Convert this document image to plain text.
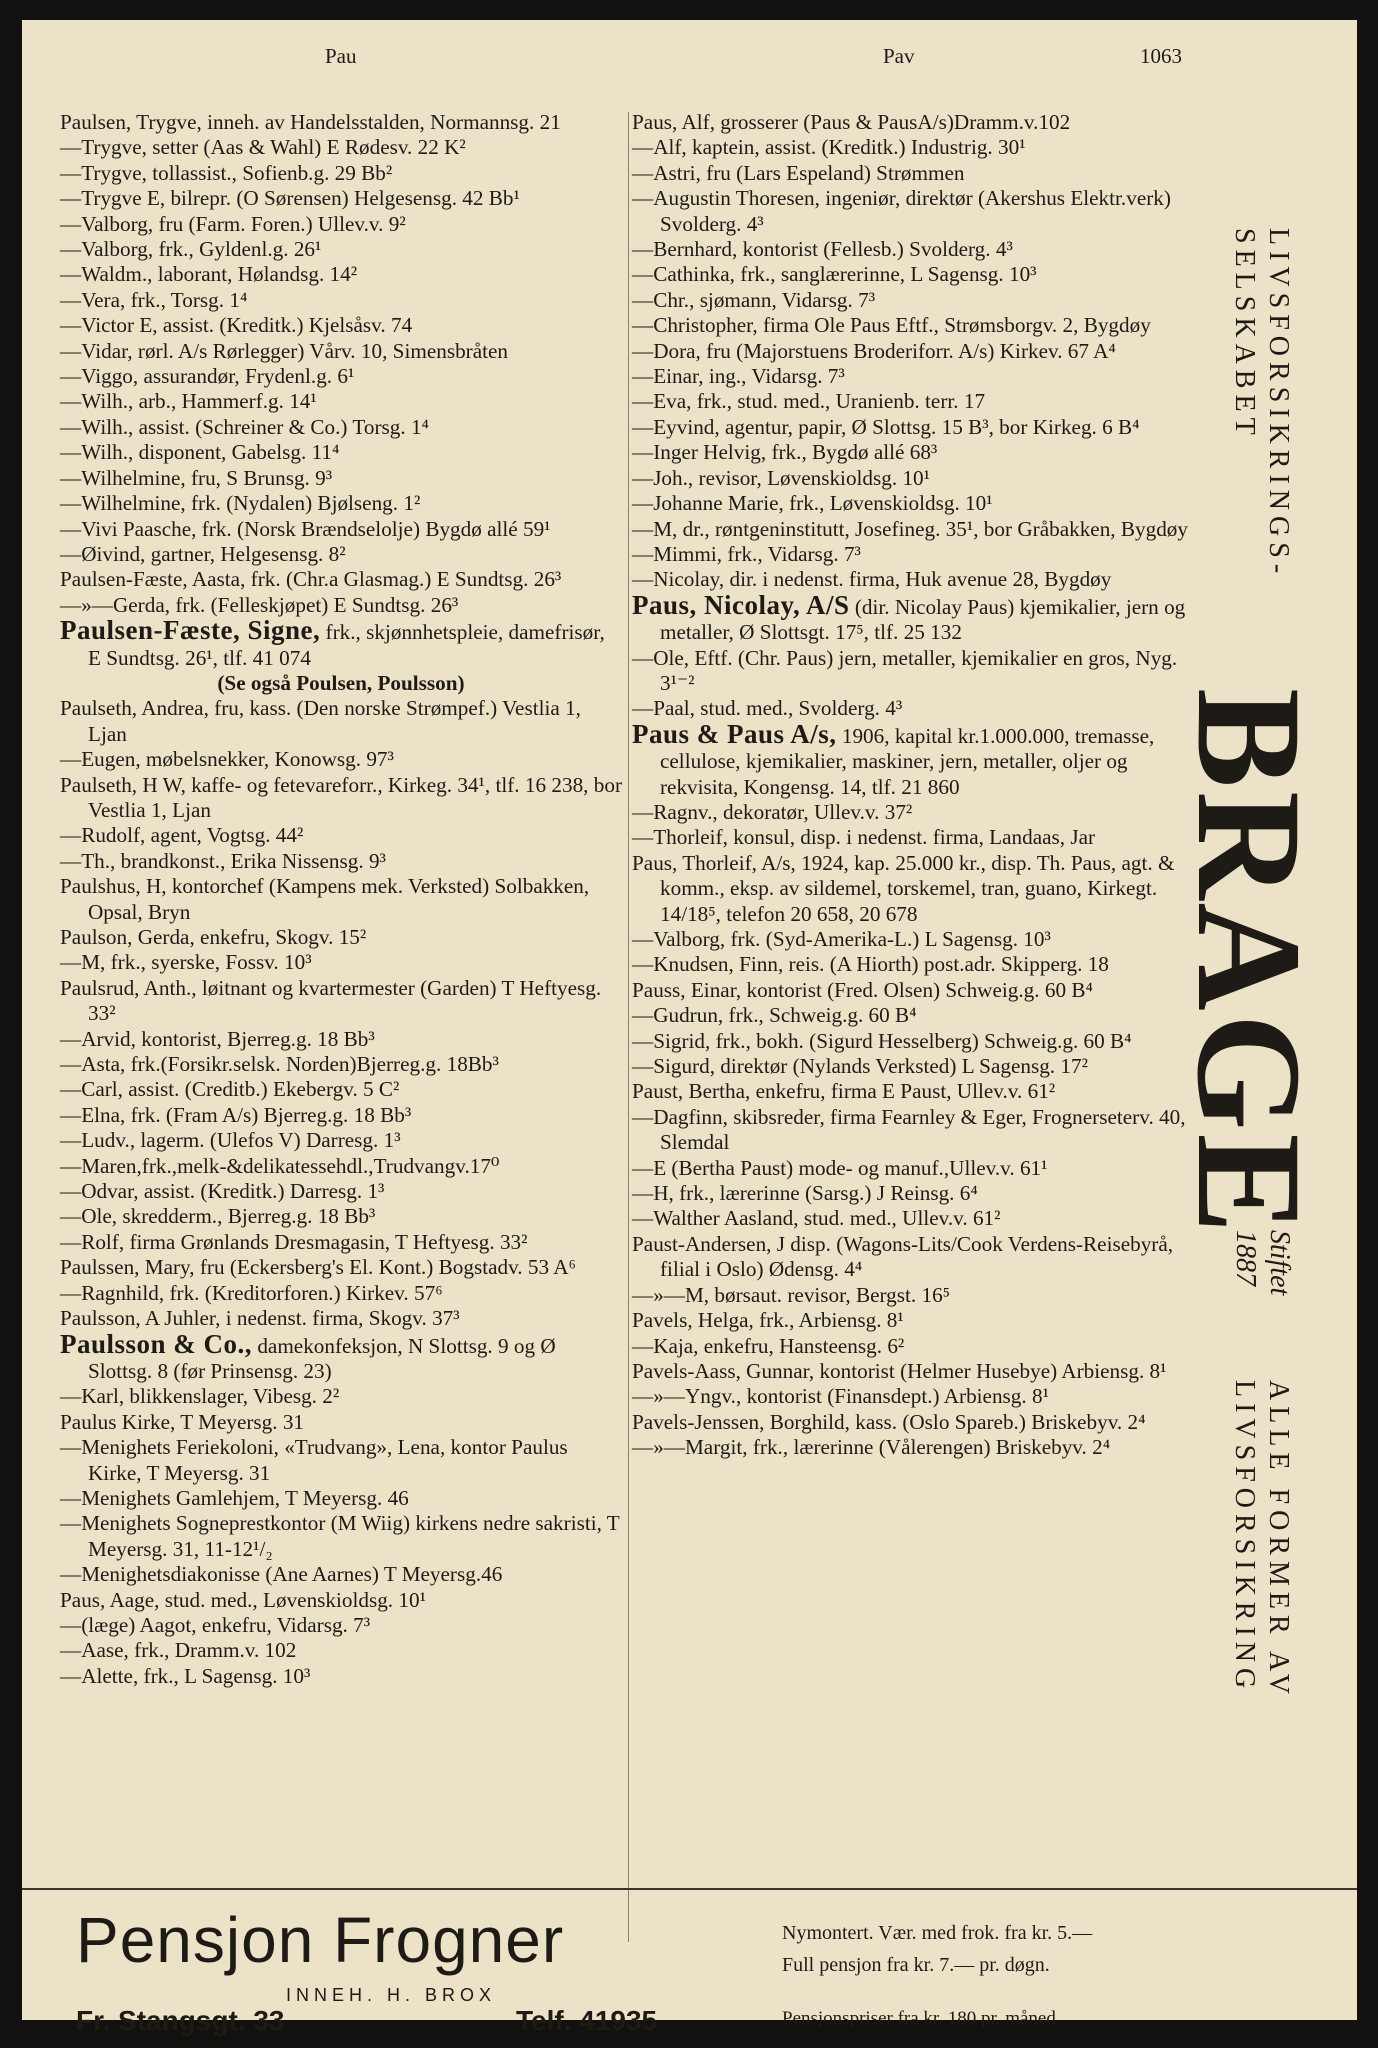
Pau	Pav	1063
Paulsen, Trygve, inneh. av Handelsstalden, Normannsg. 21
—Trygve, setter (Aas & Wahl) E Rødesv. 22 K²
—Trygve, tollassist., Sofienb.g. 29 Bb²
—Trygve E, bilrepr. (O Sørensen) Helgesensg. 42 Bb¹
—Valborg, fru (Farm. Foren.) Ullev.v. 9²
—Valborg, frk., Gyldenl.g. 26¹
—Waldm., laborant, Hølandsg. 14²
—Vera, frk., Torsg. 1⁴
—Victor E, assist. (Kreditk.) Kjelsåsv. 74
—Vidar, rørl. A/s Rørlegger) Vårv. 10, Simensbråten
—Viggo, assurandør, Frydenl.g. 6¹
—Wilh., arb., Hammerf.g. 14¹
—Wilh., assist. (Schreiner & Co.) Torsg. 1⁴
—Wilh., disponent, Gabelsg. 11⁴
—Wilhelmine, fru, S Brunsg. 9³
—Wilhelmine, frk. (Nydalen) Bjølseng. 1²
—Vivi Paasche, frk. (Norsk Brændselolje) Bygdø allé 59¹
—Øivind, gartner, Helgesensg. 8²
Paulsen-Fæste, Aasta, frk. (Chr.a Glasmag.) E Sundtsg. 26³
—»—Gerda, frk. (Felleskjøpet) E Sundtsg. 26³
Paulsen-Fæste, Signe, frk., skjønnhetspleie, damefrisør, E Sundtsg. 26¹, tlf. 41 074
(Se også Poulsen, Poulsson)
Paulseth, Andrea, fru, kass. (Den norske Strømpef.) Vestlia 1, Ljan
—Eugen, møbelsnekker, Konowsg. 97³
Paulseth, H W, kaffe- og fetevareforr., Kirkeg. 34¹, tlf. 16 238, bor Vestlia 1, Ljan
—Rudolf, agent, Vogtsg. 44²
—Th., brandkonst., Erika Nissensg. 9³
Paulshus, H, kontorchef (Kampens mek. Verksted) Solbakken, Opsal, Bryn
Paulson, Gerda, enkefru, Skogv. 15²
—M, frk., syerske, Fossv. 10³
Paulsrud, Anth., løitnant og kvartermester (Garden) T Heftyesg. 33²
—Arvid, kontorist, Bjerreg.g. 18 Bb³
—Asta, frk.(Forsikr.selsk. Norden)Bjerreg.g. 18Bb³
—Carl, assist. (Creditb.) Ekebergv. 5 C²
—Elna, frk. (Fram A/s) Bjerreg.g. 18 Bb³
—Ludv., lagerm. (Ulefos V) Darresg. 1³
—Maren,frk.,melk-&delikatessehdl.,Trudvangv.17⁰
—Odvar, assist. (Kreditk.) Darresg. 1³
—Ole, skredderm., Bjerreg.g. 18 Bb³
—Rolf, firma Grønlands Dresmagasin, T Heftyesg. 33²
Paulssen, Mary, fru (Eckersberg's El. Kont.) Bogstadv. 53 A⁶
—Ragnhild, frk. (Kreditorforen.) Kirkev. 57⁶
Paulsson, A Juhler, i nedenst. firma, Skogv. 37³
Paulsson & Co., damekonfeksjon, N Slottsg. 9 og Ø Slottsg. 8 (før Prinsensg. 23)
—Karl, blikkenslager, Vibesg. 2²
Paulus Kirke, T Meyersg. 31
—Menighets Feriekoloni, «Trudvang», Lena, kontor Paulus Kirke, T Meyersg. 31
—Menighets Gamlehjem, T Meyersg. 46
—Menighets Sogneprestkontor (M Wiig) kirkens nedre sakristi, T Meyersg. 31, 11-12¹/₂
—Menighetsdiakonisse (Ane Aarnes) T Meyersg.46
Paus, Aage, stud. med., Løvenskioldsg. 10¹
—(læge) Aagot, enkefru, Vidarsg. 7³
—Aase, frk., Dramm.v. 102
—Alette, frk., L Sagensg. 10³
Paus, Alf, grosserer (Paus & PausA/s)Dramm.v.102
—Alf, kaptein, assist. (Kreditk.) Industrig. 30¹
—Astri, fru (Lars Espeland) Strømmen
—Augustin Thoresen, ingeniør, direktør (Akershus Elektr.verk) Svolderg. 4³
—Bernhard, kontorist (Fellesb.) Svolderg. 4³
—Cathinka, frk., sanglærerinne, L Sagensg. 10³
—Chr., sjømann, Vidarsg. 7³
—Christopher, firma Ole Paus Eftf., Strømsborgv. 2, Bygdøy
—Dora, fru (Majorstuens Broderiforr. A/s) Kirkev. 67 A⁴
—Einar, ing., Vidarsg. 7³
—Eva, frk., stud. med., Uranienb. terr. 17
—Eyvind, agentur, papir, Ø Slottsg. 15 B³, bor Kirkeg. 6 B⁴
—Inger Helvig, frk., Bygdø allé 68³
—Joh., revisor, Løvenskioldsg. 10¹
—Johanne Marie, frk., Løvenskioldsg. 10¹
—M, dr., røntgeninstitutt, Josefineg. 35¹, bor Gråbakken, Bygdøy
—Mimmi, frk., Vidarsg. 7³
—Nicolay, dir. i nedenst. firma, Huk avenue 28, Bygdøy
Paus, Nicolay, A/S (dir. Nicolay Paus) kjemikalier, jern og metaller, Ø Slottsgt. 17⁵, tlf. 25 132
—Ole, Eftf. (Chr. Paus) jern, metaller, kjemikalier en gros, Nyg. 3¹⁻²
—Paal, stud. med., Svolderg. 4³
Paus & Paus A/s, 1906, kapital kr.1.000.000, tremasse, cellulose, kjemikalier, maskiner, jern, metaller, oljer og rekvisita, Kongensg. 14, tlf. 21 860
—Ragnv., dekoratør, Ullev.v. 37²
—Thorleif, konsul, disp. i nedenst. firma, Landaas, Jar
Paus, Thorleif, A/s, 1924, kap. 25.000 kr., disp. Th. Paus, agt. & komm., eksp. av sildemel, torskemel, tran, guano, Kirkegt. 14/18⁵, telefon 20 658, 20 678
—Valborg, frk. (Syd-Amerika-L.) L Sagensg. 10³
—Knudsen, Finn, reis. (A Hiorth) post.adr. Skipperg. 18
Pauss, Einar, kontorist (Fred. Olsen) Schweig.g. 60 B⁴
—Gudrun, frk., Schweig.g. 60 B⁴
—Sigrid, frk., bokh. (Sigurd Hesselberg) Schweig.g. 60 B⁴
—Sigurd, direktør (Nylands Verksted) L Sagensg. 17²
Paust, Bertha, enkefru, firma E Paust, Ullev.v. 61²
—Dagfinn, skibsreder, firma Fearnley & Eger, Frognerseterv. 40, Slemdal
—E (Bertha Paust) mode- og manuf.,Ullev.v. 61¹
—H, frk., lærerinne (Sarsg.) J Reinsg. 6⁴
—Walther Aasland, stud. med., Ullev.v. 61²
Paust-Andersen, J disp. (Wagons-Lits/Cook Verdens-Reisebyrå, filial i Oslo) Ødensg. 4⁴
—»—M, børsaut. revisor, Bergst. 16⁵
Pavels, Helga, frk., Arbiensg. 8¹
—Kaja, enkefru, Hansteensg. 6²
Pavels-Aass, Gunnar, kontorist (Helmer Husebye) Arbiensg. 8¹
—»—Yngv., kontorist (Finansdept.) Arbiensg. 8¹
Pavels-Jenssen, Borghild, kass. (Oslo Spareb.) Briskebyv. 2⁴
—»—Margit, frk., lærerinne (Vålerengen) Briskebyv. 2⁴
LIVSFORSIKRINGS-
SELSKABET
BRAGE
Stiftet
1887
ALLE FORMER AV
LIVSFORSIKRING
Pensjon Frogner
INNEH. H. BROX
Fr. Stangsgt. 33	Telf. 41935
Nymontert. Vær. med frok. fra kr. 5.—
Full pensjon fra kr. 7.— pr. døgn.
Pensjonspriser fra kr. 180 pr. måned.
